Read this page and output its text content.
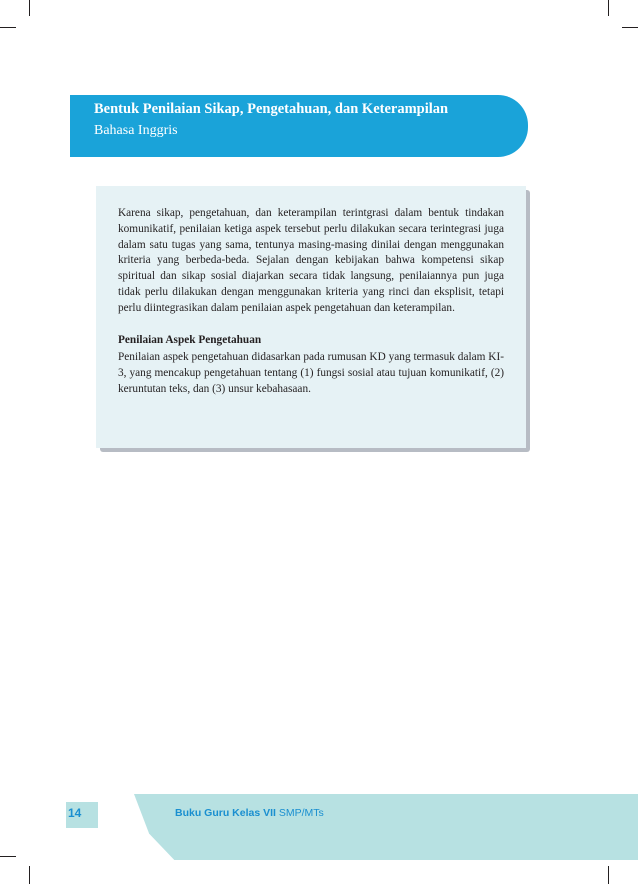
Bentuk Penilaian Sikap, Pengetahuan, dan Keterampilan
Bahasa Inggris

Karena sikap, pengetahuan, dan keterampilan terintgrasi dalam bentuk tindakan komunikatif, penilaian ketiga aspek tersebut perlu dilakukan secara terintegrasi juga dalam satu tugas yang sama, tentunya masing-masing dinilai dengan menggunakan kriteria yang berbeda-beda. Sejalan dengan kebijakan bahwa kompetensi sikap spiritual dan sikap sosial diajarkan secara tidak langsung, penilaiannya pun juga tidak perlu dilakukan dengan menggunakan kriteria yang rinci dan eksplisit, tetapi perlu diintegrasikan dalam penilaian aspek pengetahuan dan keterampilan.

Penilaian Aspek Pengetahuan

Penilaian aspek pengetahuan didasarkan pada rumusan KD yang termasuk dalam KI-3, yang mencakup pengetahuan tentang (1) fungsi sosial atau tujuan komunikatif, (2) keruntutan teks, dan (3) unsur kebahasaan.

14	Buku Guru Kelas VII SMP/MTs
